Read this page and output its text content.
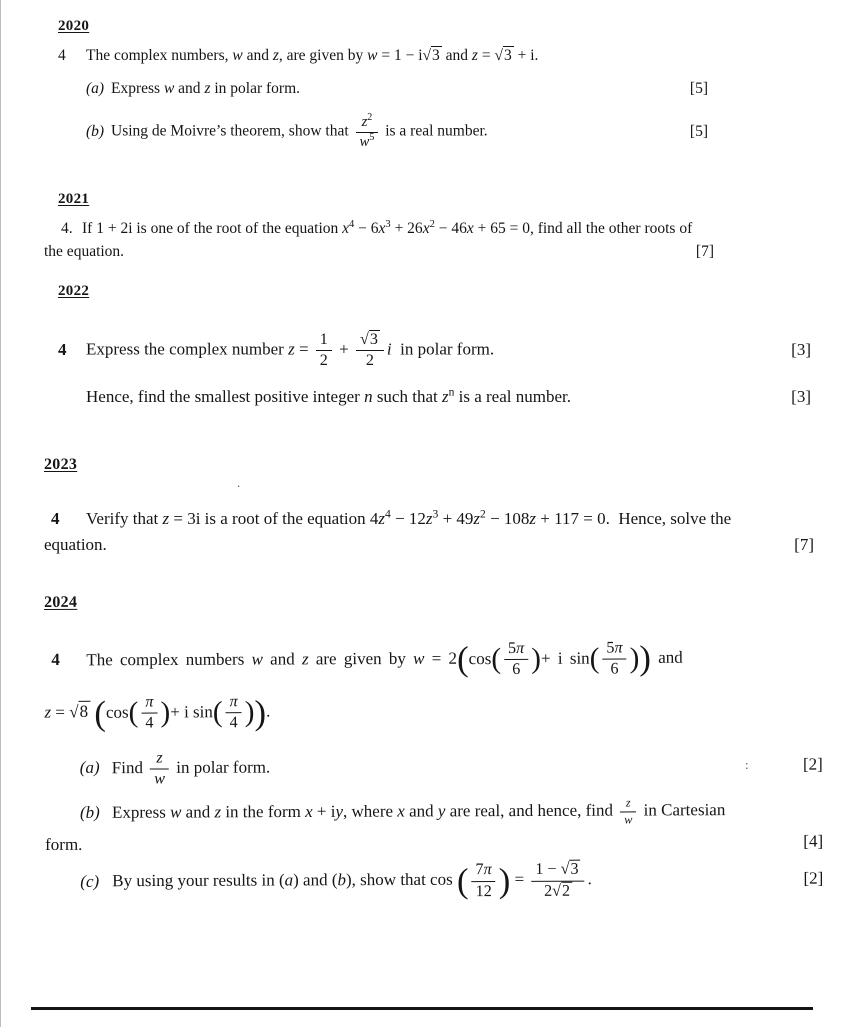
2020
4	The complex numbers, w and z, are given by w = 1 − i√3 and z = √3 + i.
(a) Express w and z in polar form.	[5]
(b) Using de Moivre’s theorem, show that $\frac{z^2}{w^5}$ is a real number.	[5]
2021
4. If 1 + 2i is one of the root of the equation $x^4 - 6x^3 + 26x^2 - 46x + 65 = 0$, find all the other roots of
the equation.	[7]
2022
4	Express the complex number $z = \frac{1}{2} + \frac{√3}{2}$ i  in polar form.	[3]
Hence, find the smallest positive integer n such that $z^n$ is a real number.	[3]
2023
4	Verify that z = 3i is a root of the equation $4z^4 - 12z^3 + 49z^2 - 108z + 117 = 0$.  Hence, solve the
equation.	[7]
2024
4	The complex numbers w and z are given by w = 2 ( cos ( $\frac{5\pi}{6}$ ) + i sin ( $\frac{5\pi}{6}$ ) ) and
z = √8 ( cos ( $\frac{\pi}{4}$ ) + i sin ( $\frac{\pi}{4}$ ) ) .
(a) Find $\frac{z}{w}$ in polar form.	[2]
(b) Express w and z in the form x + iy, where x and y are real, and hence, find $\frac{z}{w}$ in Cartesian
form.	[4]
(c) By using your results in (a) and (b), show that cos ( $\frac{7\pi}{12}$ ) = $\frac{1 - √3}{2√2}$ .	[2]
.
:
